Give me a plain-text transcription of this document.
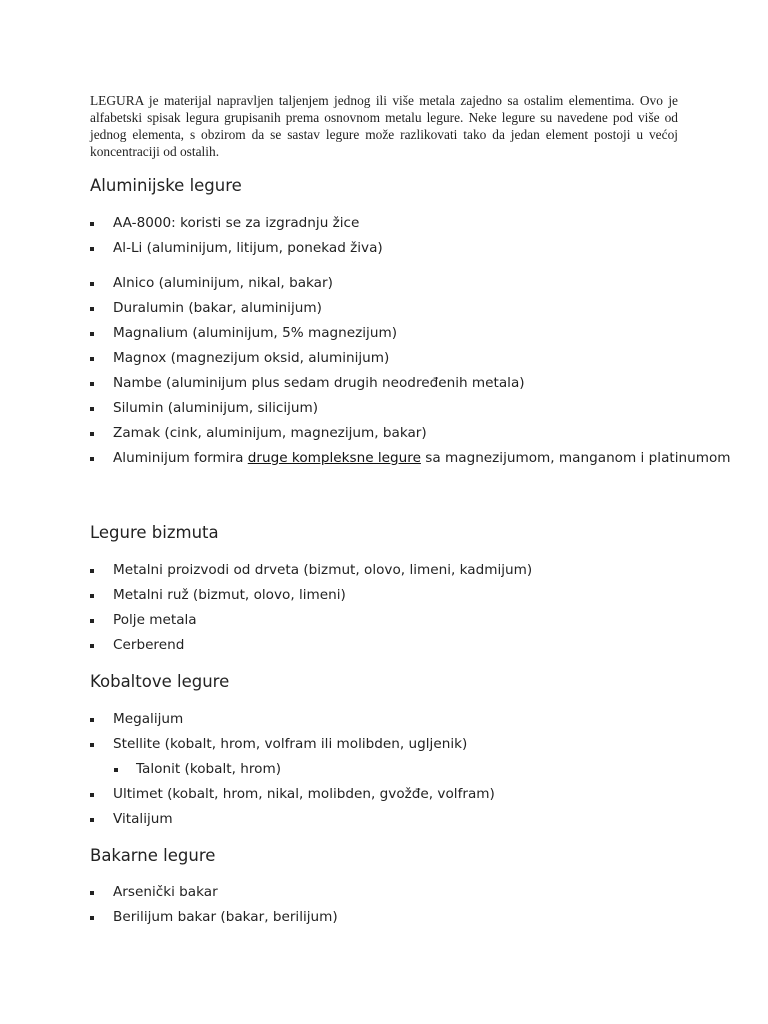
LEGURA je materijal napravljen taljenjem jednog ili više metala zajedno sa ostalim elementima. Ovo je alfabetski spisak legura grupisanih prema osnovnom metalu legure. Neke legure su navedene pod više od jednog elementa, s obzirom da se sastav legure može razlikovati tako da jedan element postoji u većoj koncentraciji od ostalih.

Aluminijske legure
AA-8000: koristi se za izgradnju žice
Al-Li (aluminijum, litijum, ponekad živa)
Alnico (aluminijum, nikal, bakar)
Duralumin (bakar, aluminijum)
Magnalium (aluminijum, 5% magnezijum)
Magnox (magnezijum oksid, aluminijum)
Nambe (aluminijum plus sedam drugih neodređenih metala)
Silumin (aluminijum, silicijum)
Zamak (cink, aluminijum, magnezijum, bakar)
Aluminijum formira druge kompleksne legure sa magnezijumom, manganom i platinumom
Legure bizmuta
Metalni proizvodi od drveta (bizmut, olovo, limeni, kadmijum)
Metalni ruž (bizmut, olovo, limeni)
Polje metala
Cerberend
Kobaltove legure
Megalijum
Stellite (kobalt, hrom, volfram ili molibden, ugljenik)
Talonit (kobalt, hrom)
Ultimet (kobalt, hrom, nikal, molibden, gvožđe, volfram)
Vitalijum
Bakarne legure
Arsenički bakar
Berilijum bakar (bakar, berilijum)
